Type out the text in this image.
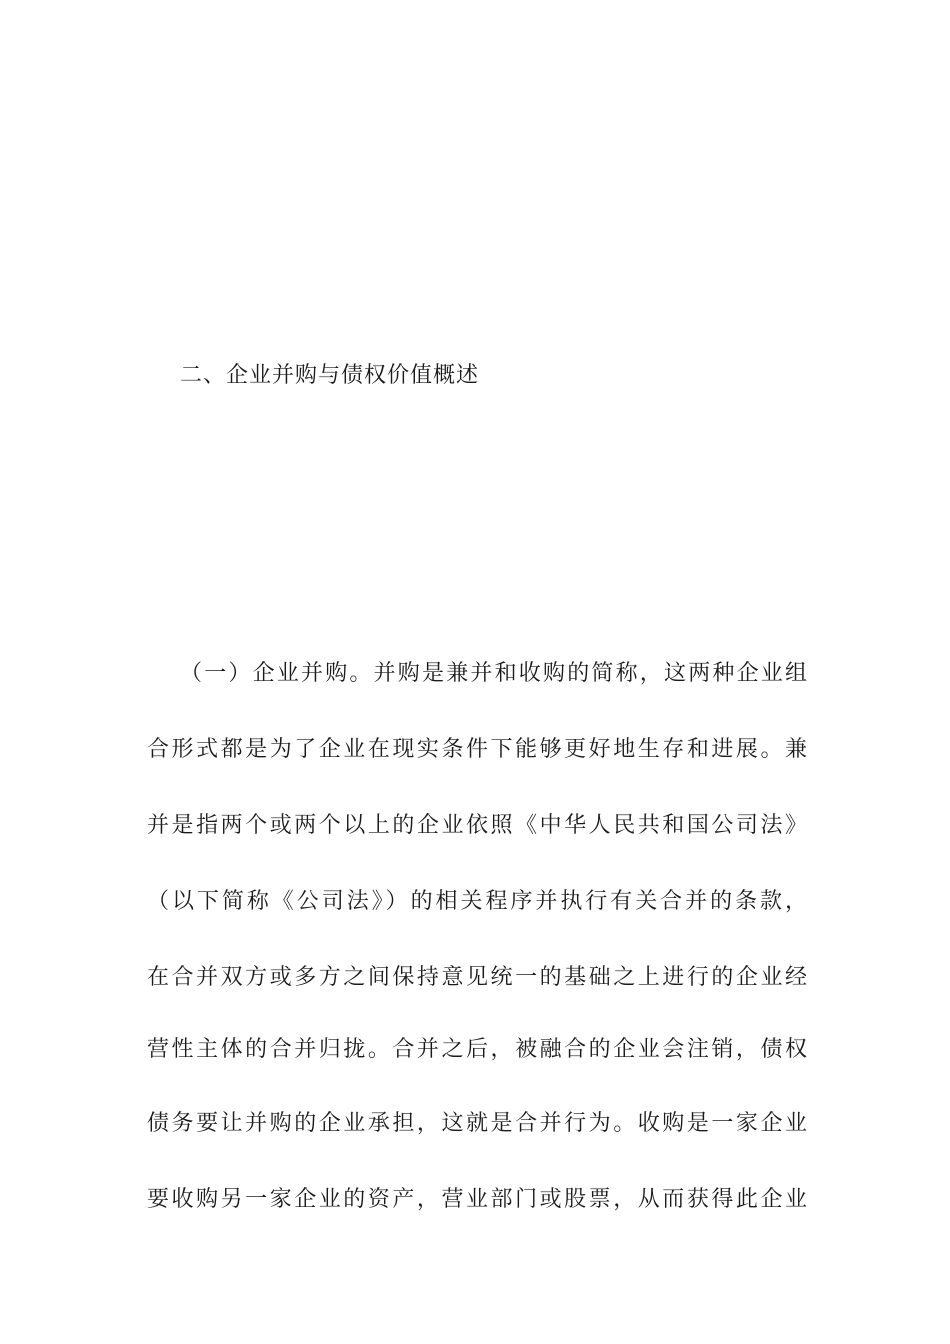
二、企业并购与债权价值概述
（一）企业并购。并购是兼并和收购的简称，这两种企业组
合形式都是为了企业在现实条件下能够更好地生存和进展。兼
并是指两个或两个以上的企业依照《中华人民共和国公司法》
（以下简称《公司法》）的相关程序并执行有关合并的条款，
在合并双方或多方之间保持意见统一的基础之上进行的企业经
营性主体的合并归拢。合并之后，被融合的企业会注销，债权
债务要让并购的企业承担，这就是合并行为。收购是一家企业
要收购另一家企业的资产，营业部门或股票，从而获得此企业
